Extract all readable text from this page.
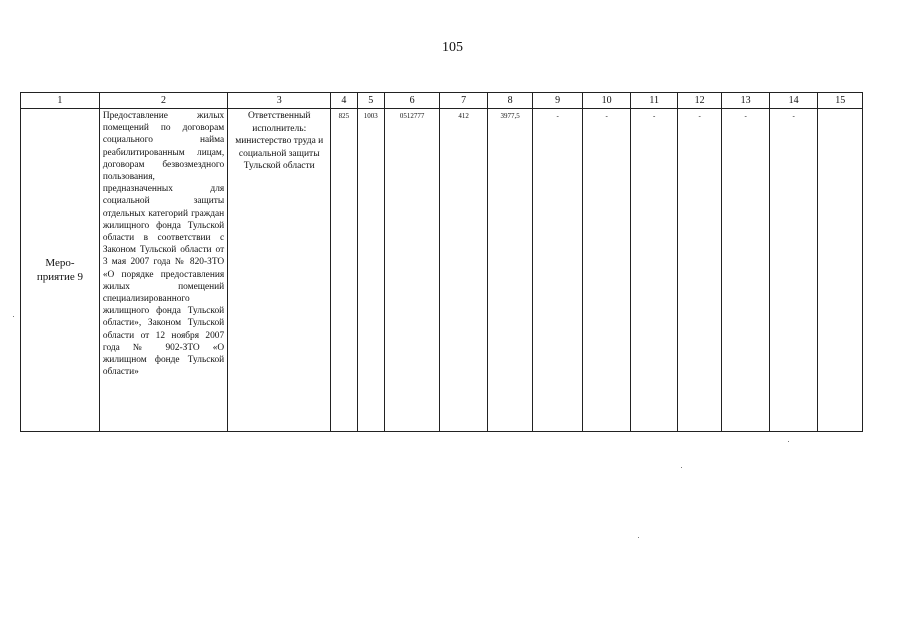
105
1	2	3	4	5	6	7	8	9	10	11	12	13	14	15
Меро-
приятие 9	Предоставление жилых помещений по договорам социального найма реабилитированным лицам, договорам безвозмездного пользования, предназначенных для социальной защиты отдельных категорий граждан жилищного фонда Тульской области в соответствии с Законом Тульской области от 3 мая 2007 года № 820-ЗТО «О порядке предоставления жилых помещений специализированного жилищного фонда Тульской области», Законом Тульской области от 12 ноября 2007 года № 902-ЗТО «О жилищном фонде Тульской области»	Ответственный исполнитель: министерство труда и социальной защиты Тульской области	825	1003	0512777	412	3977,5	-	-	-	-	-	-	
